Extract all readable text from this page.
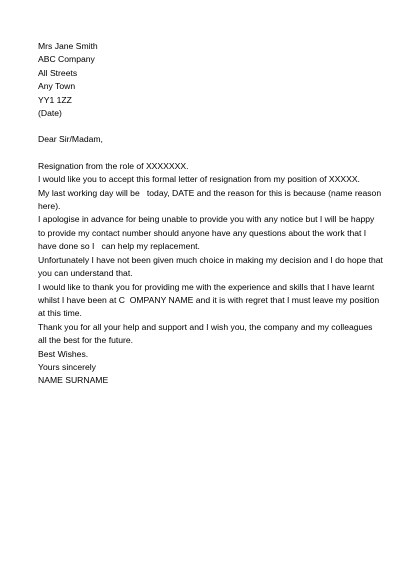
Mrs Jane Smith
ABC Company
All Streets
Any Town
YY1 1ZZ
(Date)
Dear Sir/Madam,
Resignation from the role of XXXXXXX.
I would like you to accept this formal letter of resignation from my position of XXXXX.
My last working day will be   today, DATE and the reason for this is because (name reason
here).
I apologise in advance for being unable to provide you with any notice but I will be happy
to provide my contact number should anyone have any questions about the work that I
have done so I   can help my replacement.
Unfortunately I have not been given much choice in making my decision and I do hope that
you can understand that.
I would like to thank you for providing me with the experience and skills that I have learnt
whilst I have been at C  OMPANY NAME and it is with regret that I must leave my position
at this time.
Thank you for all your help and support and I wish you, the company and my colleagues
all the best for the future.
Best Wishes.
Yours sincerely
NAME SURNAME
